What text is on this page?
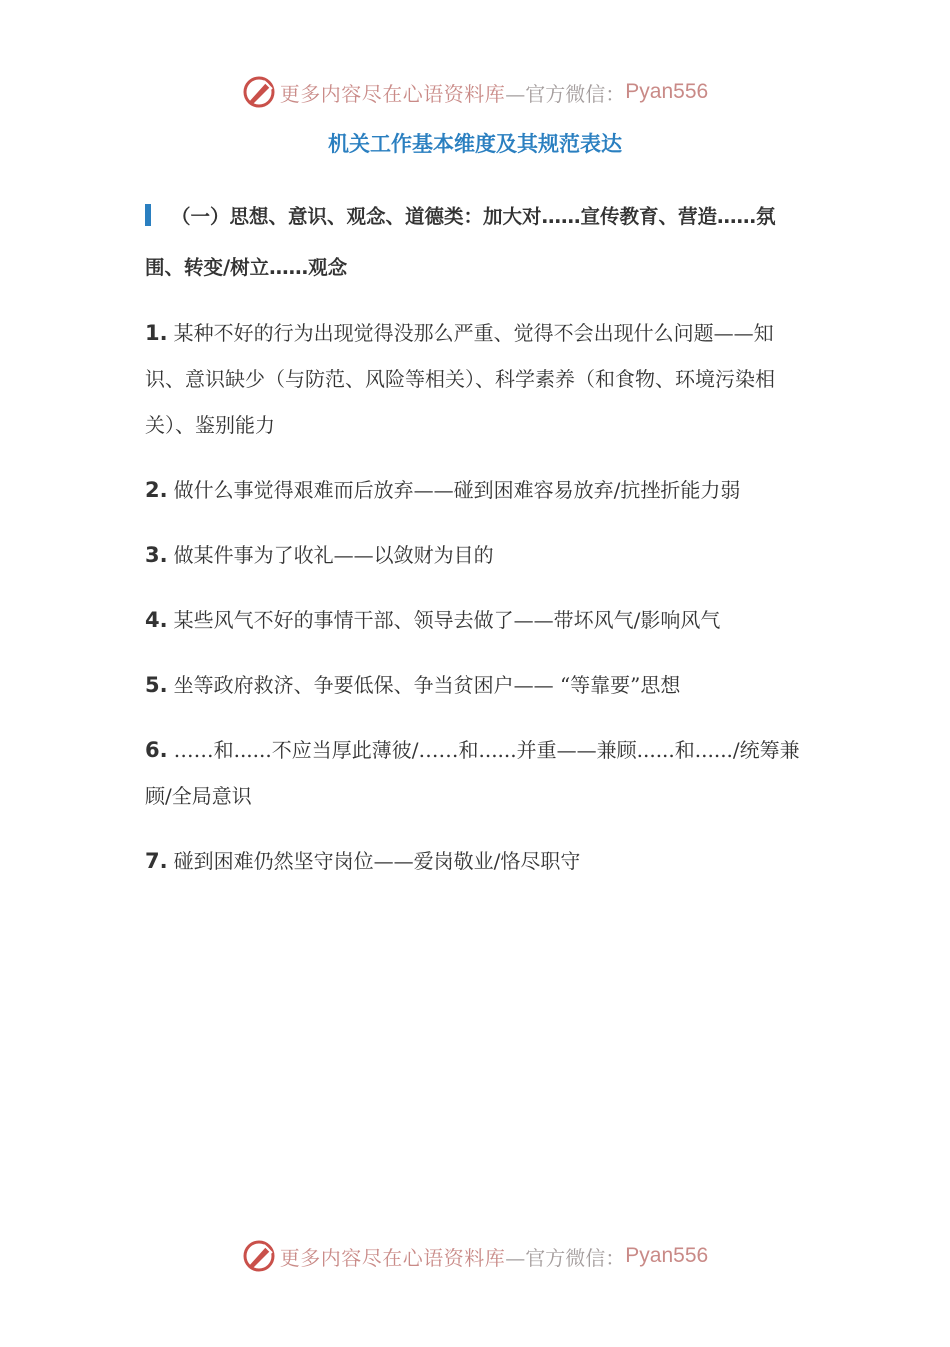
更多内容尽在心语资料库 —官方微信： Pyan556
机关工作基本维度及其规范表达
（一）思想、意识、观念、道德类：加大对……宣传教育、营造……氛围、转变/树立……观念
1. 某种不好的行为出现觉得没那么严重、觉得不会出现什么问题——知识、意识缺少（与防范、风险等相关）、科学素养（和食物、环境污染相关）、鉴别能力
2. 做什么事觉得艰难而后放弃——碰到困难容易放弃/抗挫折能力弱
3. 做某件事为了收礼——以敛财为目的
4. 某些风气不好的事情干部、领导去做了——带坏风气/影响风气
5. 坐等政府救济、争要低保、争当贫困户—— “等靠要”思想
6. ……和......不应当厚此薄彼/……和......并重——兼顾......和....../统筹兼顾/全局意识
7. 碰到困难仍然坚守岗位——爱岗敬业/恪尽职守
更多内容尽在心语资料库 —官方微信： Pyan556
